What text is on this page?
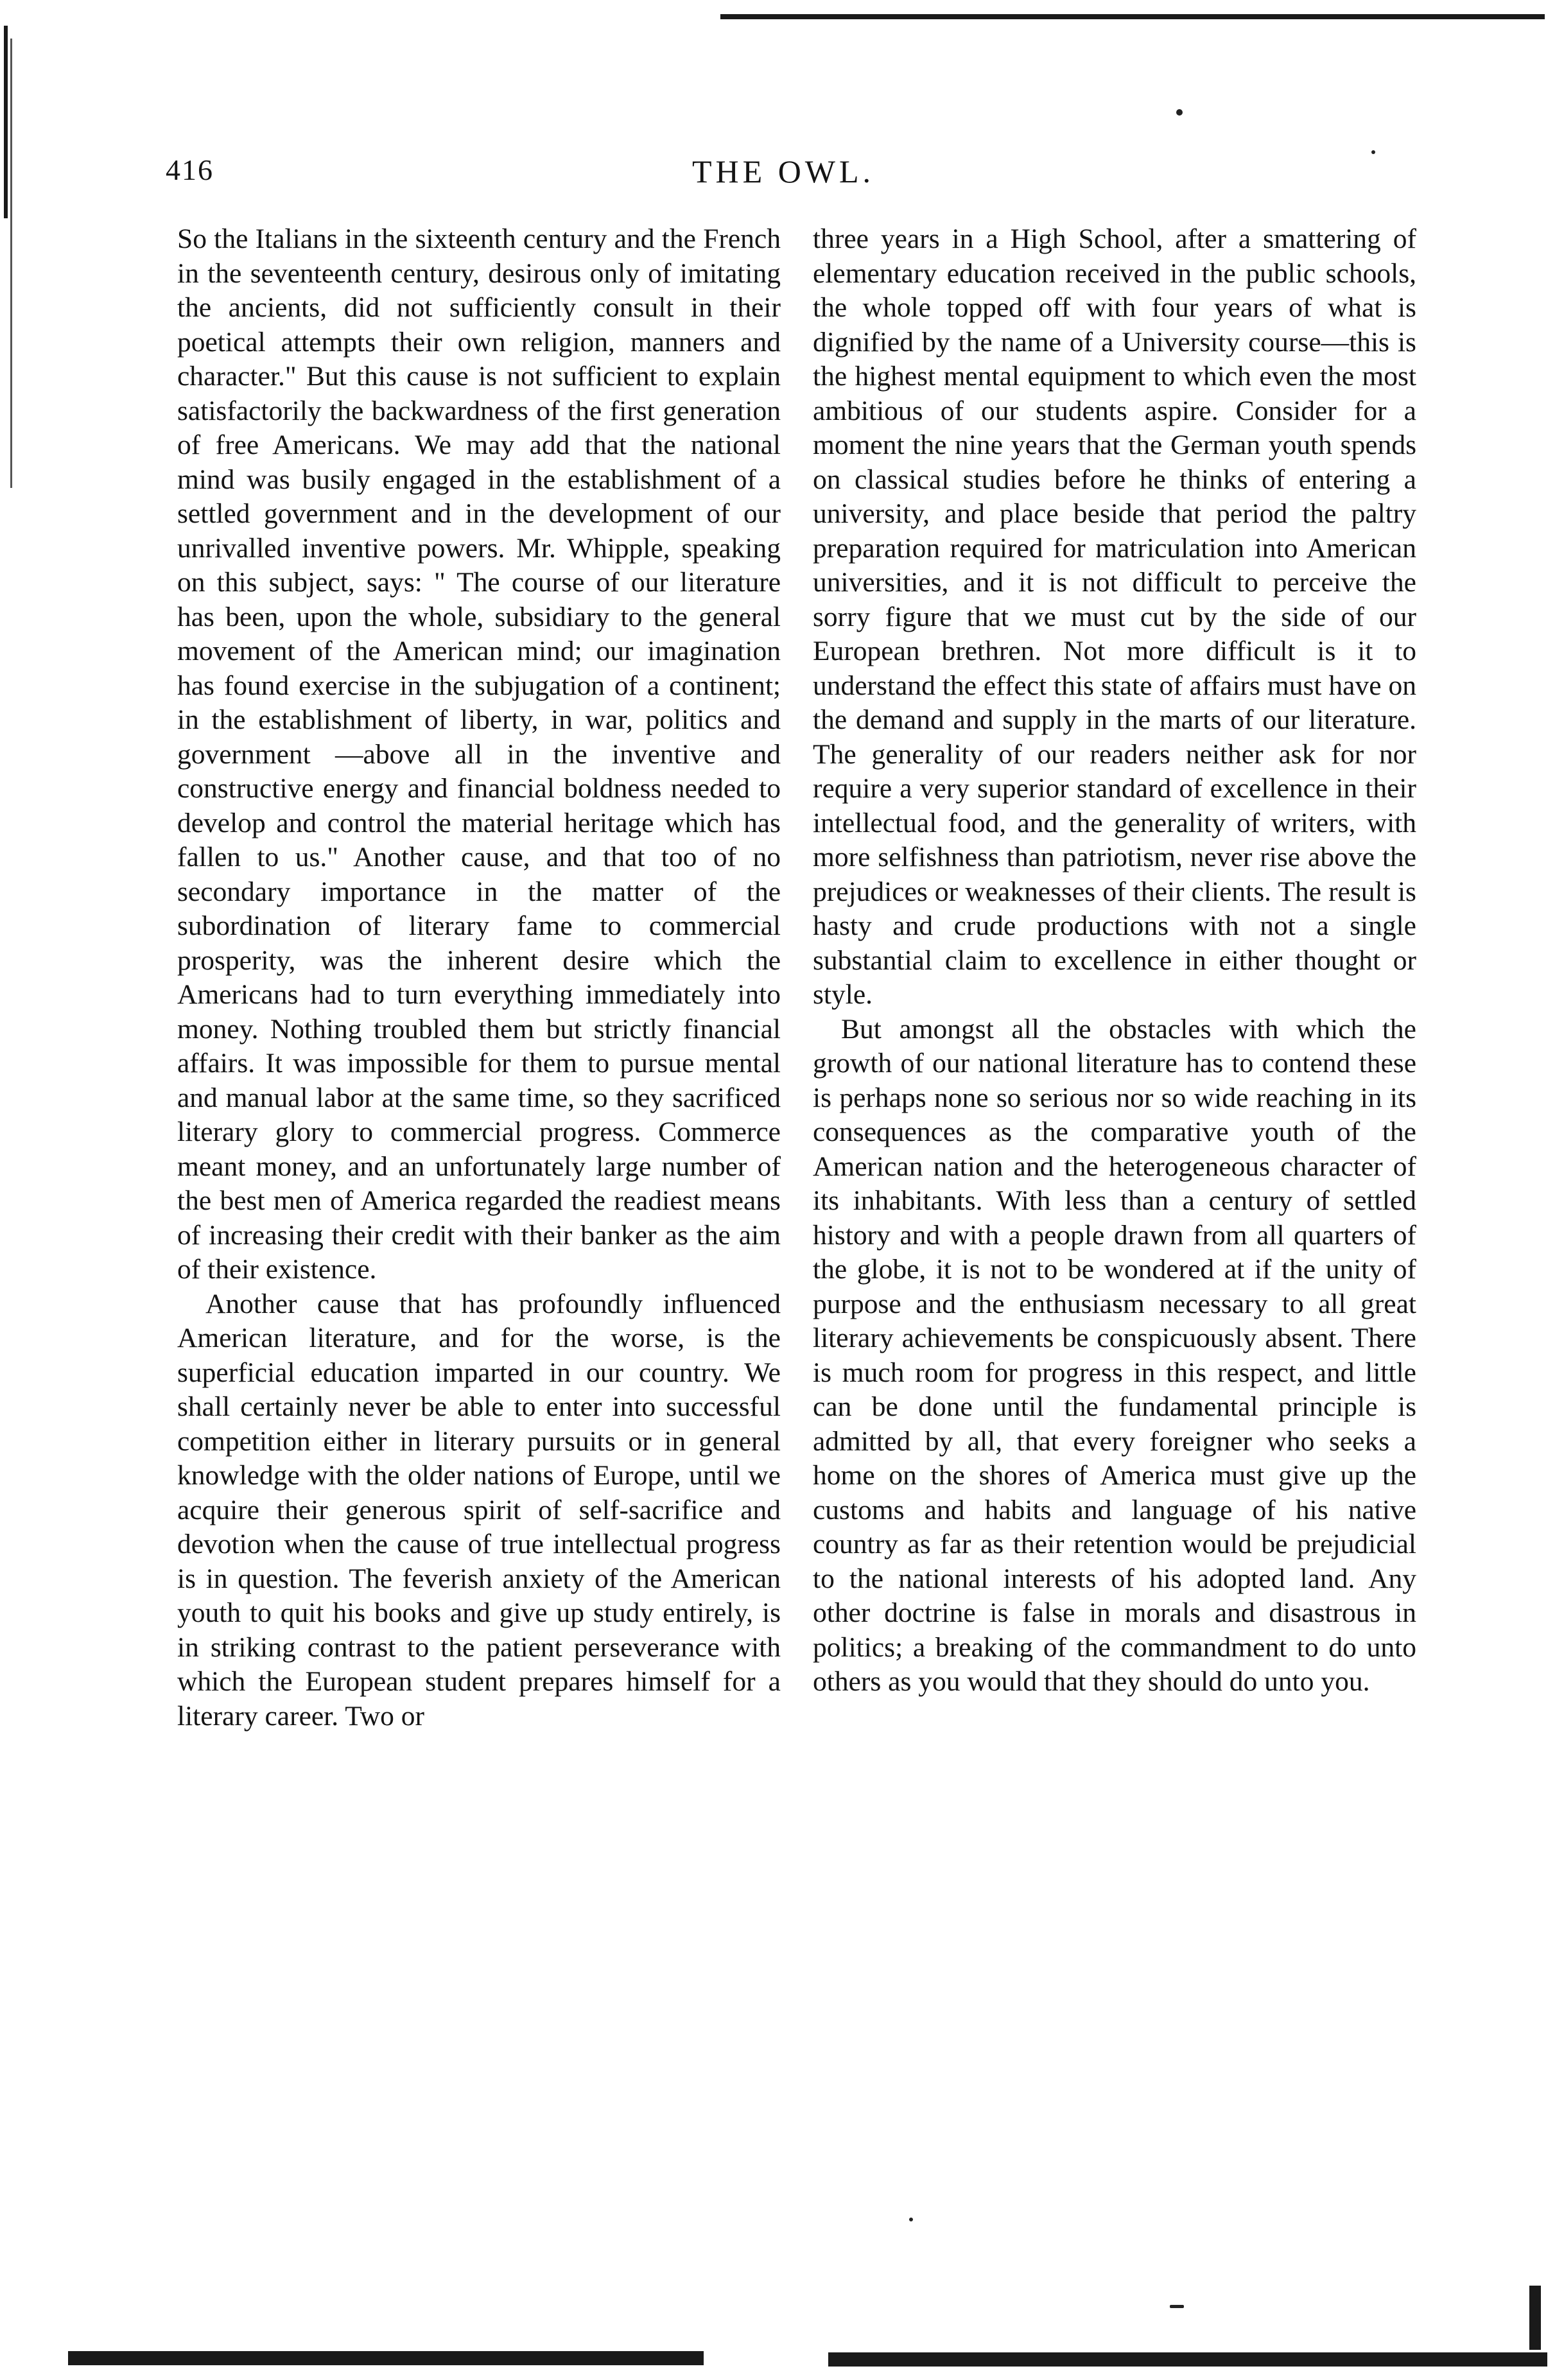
416	THE OWL.

So the Italians in the sixteenth century and the French in the seventeenth century, desirous only of imitating the ancients, did not sufficiently consult in their poetical attempts their own religion, manners and character." But this cause is not sufficient to explain satisfactorily the backwardness of the first generation of free Americans. We may add that the national mind was busily engaged in the establishment of a settled government and in the development of our unrivalled inventive powers. Mr. Whipple, speaking on this subject, says: " The course of our literature has been, upon the whole, subsidiary to the general movement of the American mind; our imagination has found exercise in the subjugation of a continent; in the establishment of liberty, in war, politics and government —above all in the inventive and constructive energy and financial boldness needed to develop and control the material heritage which has fallen to us." Another cause, and that too of no secondary importance in the matter of the subordination of literary fame to commercial prosperity, was the inherent desire which the Americans had to turn everything immediately into money. Nothing troubled them but strictly financial affairs. It was impossible for them to pursue mental and manual labor at the same time, so they sacrificed literary glory to commercial progress. Commerce meant money, and an unfortunately large number of the best men of America regarded the readiest means of increasing their credit with their banker as the aim of their existence.

Another cause that has profoundly influenced American literature, and for the worse, is the superficial education imparted in our country. We shall certainly never be able to enter into successful competition either in literary pursuits or in general knowledge with the older nations of Europe, until we acquire their generous spirit of self-sacrifice and devotion when the cause of true intellectual progress is in question. The feverish anxiety of the American youth to quit his books and give up study entirely, is in striking contrast to the patient perseverance with which the European student prepares himself for a literary career. Two or

three years in a High School, after a smattering of elementary education received in the public schools, the whole topped off with four years of what is dignified by the name of a University course—this is the highest mental equipment to which even the most ambitious of our students aspire. Consider for a moment the nine years that the German youth spends on classical studies before he thinks of entering a university, and place beside that period the paltry preparation required for matriculation into American universities, and it is not difficult to perceive the sorry figure that we must cut by the side of our European brethren. Not more difficult is it to understand the effect this state of affairs must have on the demand and supply in the marts of our literature. The generality of our readers neither ask for nor require a very superior standard of excellence in their intellectual food, and the generality of writers, with more selfishness than patriotism, never rise above the prejudices or weaknesses of their clients. The result is hasty and crude productions with not a single substantial claim to excellence in either thought or style.

But amongst all the obstacles with which the growth of our national literature has to contend these is perhaps none so serious nor so wide reaching in its consequences as the comparative youth of the American nation and the heterogeneous character of its inhabitants. With less than a century of settled history and with a people drawn from all quarters of the globe, it is not to be wondered at if the unity of purpose and the enthusiasm necessary to all great literary achievements be conspicuously absent. There is much room for progress in this respect, and little can be done until the fundamental principle is admitted by all, that every foreigner who seeks a home on the shores of America must give up the customs and habits and language of his native country as far as their retention would be prejudicial to the national interests of his adopted land. Any other doctrine is false in morals and disastrous in politics; a breaking of the commandment to do unto others as you would that they should do unto you.
